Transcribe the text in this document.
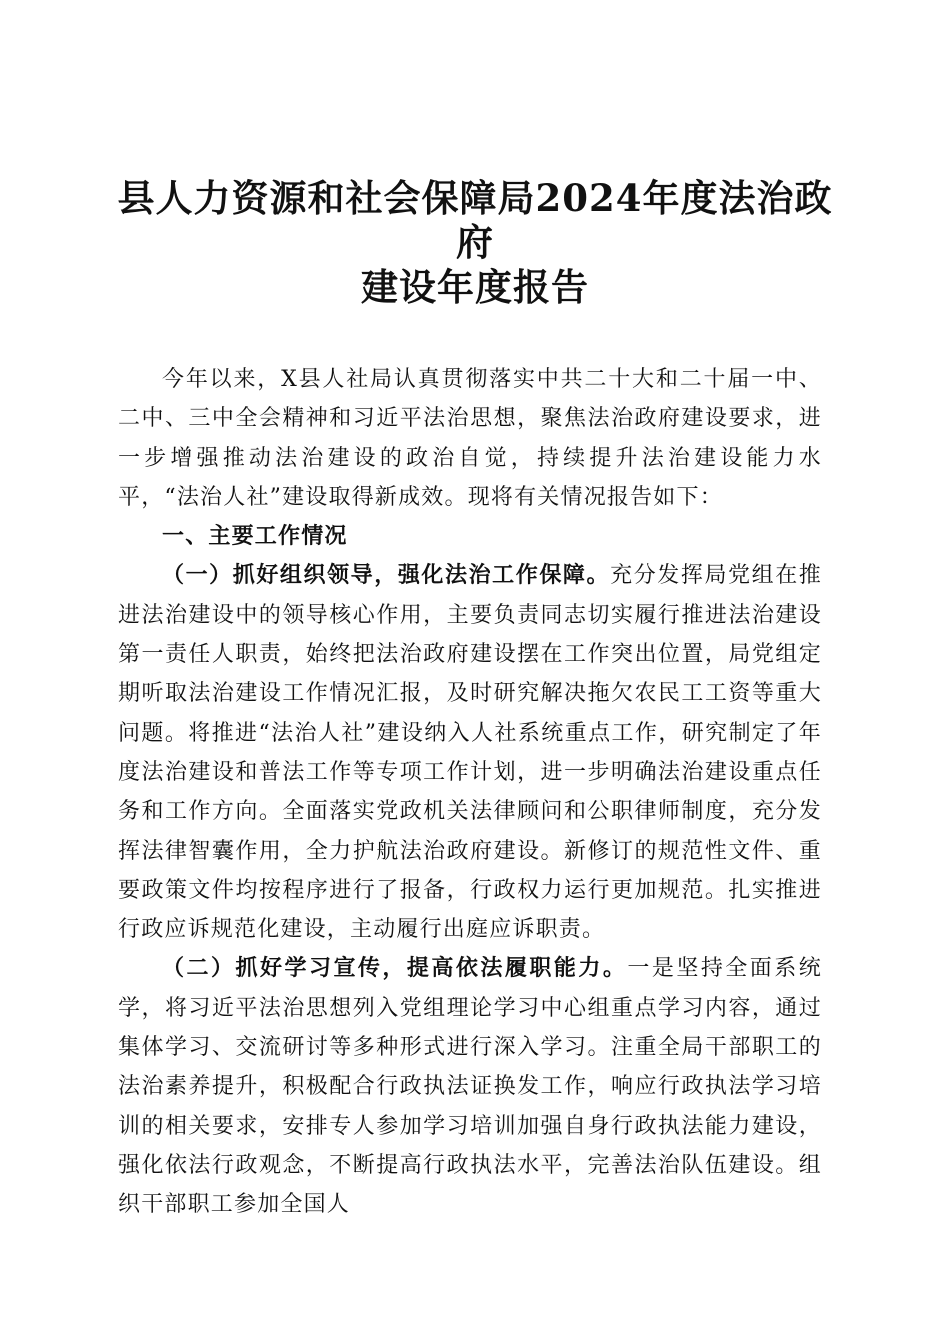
县人力资源和社会保障局2024年度法治政府
建设年度报告

今年以来，X县人社局认真贯彻落实中共二十大和二十届一中、二中、三中全会精神和习近平法治思想，聚焦法治政府建设要求，进一步增强推动法治建设的政治自觉，持续提升法治建设能力水平，“法治人社”建设取得新成效。现将有关情况报告如下：

一、主要工作情况

（一）抓好组织领导，强化法治工作保障。充分发挥局党组在推进法治建设中的领导核心作用，主要负责同志切实履行推进法治建设第一责任人职责，始终把法治政府建设摆在工作突出位置，局党组定期听取法治建设工作情况汇报，及时研究解决拖欠农民工工资等重大问题。将推进“法治人社”建设纳入人社系统重点工作，研究制定了年度法治建设和普法工作等专项工作计划，进一步明确法治建设重点任务和工作方向。全面落实党政机关法律顾问和公职律师制度，充分发挥法律智囊作用，全力护航法治政府建设。新修订的规范性文件、重要政策文件均按程序进行了报备，行政权力运行更加规范。扎实推进行政应诉规范化建设，主动履行出庭应诉职责。

（二）抓好学习宣传，提高依法履职能力。一是坚持全面系统学，将习近平法治思想列入党组理论学习中心组重点学习内容，通过集体学习、交流研讨等多种形式进行深入学习。注重全局干部职工的法治素养提升，积极配合行政执法证换发工作，响应行政执法学习培训的相关要求，安排专人参加学习培训加强自身行政执法能力建设，强化依法行政观念，不断提高行政执法水平，完善法治队伍建设。组织干部职工参加全国人
